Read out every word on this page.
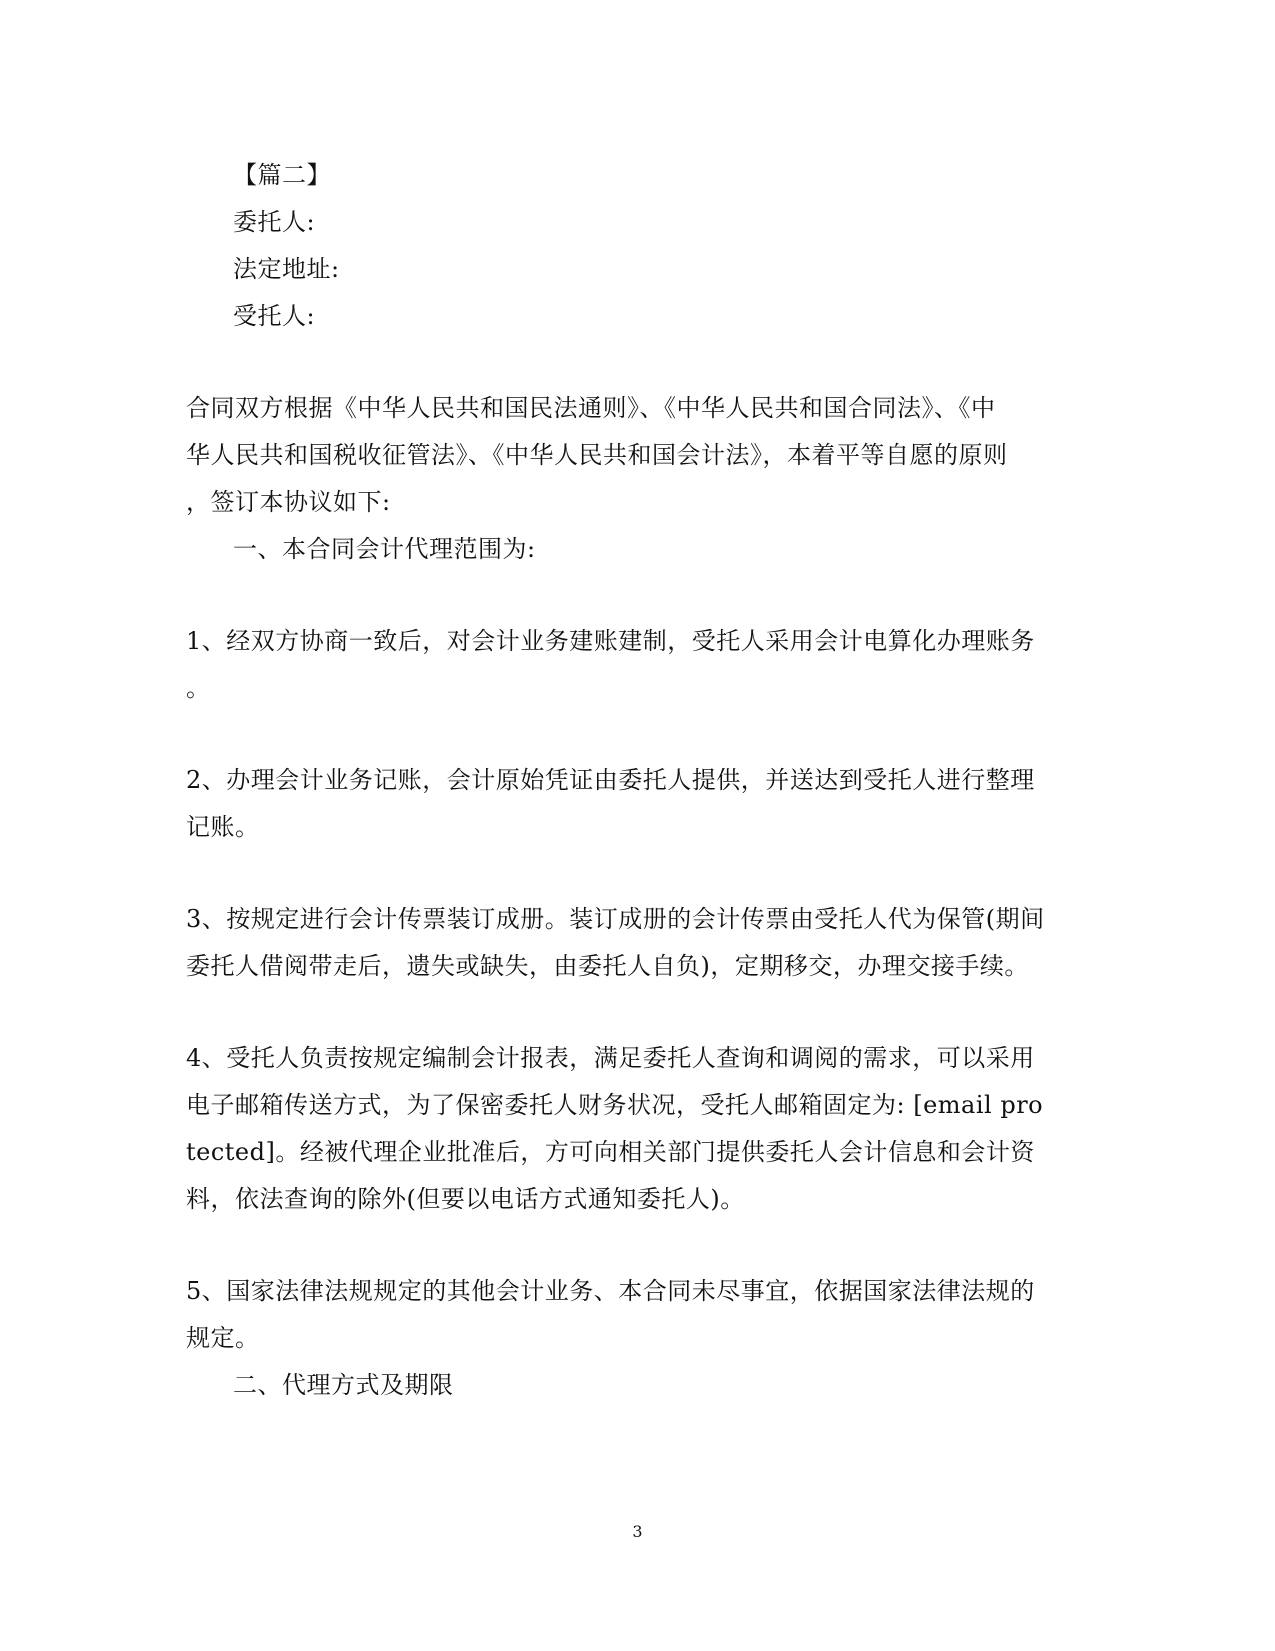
【篇二】
委托人:
法定地址:
受托人:
合同双方根据《中华人民共和国民法通则》、《中华人民共和国合同法》、《中
华人民共和国税收征管法》、《中华人民共和国会计法》，本着平等自愿的原则
，签订本协议如下:
一、本合同会计代理范围为:
1、经双方协商一致后，对会计业务建账建制，受托人采用会计电算化办理账务
。
2、办理会计业务记账，会计原始凭证由委托人提供，并送达到受托人进行整理
记账。
3、按规定进行会计传票装订成册。装订成册的会计传票由受托人代为保管(期间
委托人借阅带走后，遗失或缺失，由委托人自负)，定期移交，办理交接手续。
4、受托人负责按规定编制会计报表，满足委托人查询和调阅的需求，可以采用
电子邮箱传送方式，为了保密委托人财务状况，受托人邮箱固定为: [email pro
tected]。经被代理企业批准后，方可向相关部门提供委托人会计信息和会计资
料，依法查询的除外(但要以电话方式通知委托人)。
5、国家法律法规规定的其他会计业务、本合同未尽事宜，依据国家法律法规的
规定。
二、代理方式及期限
3
